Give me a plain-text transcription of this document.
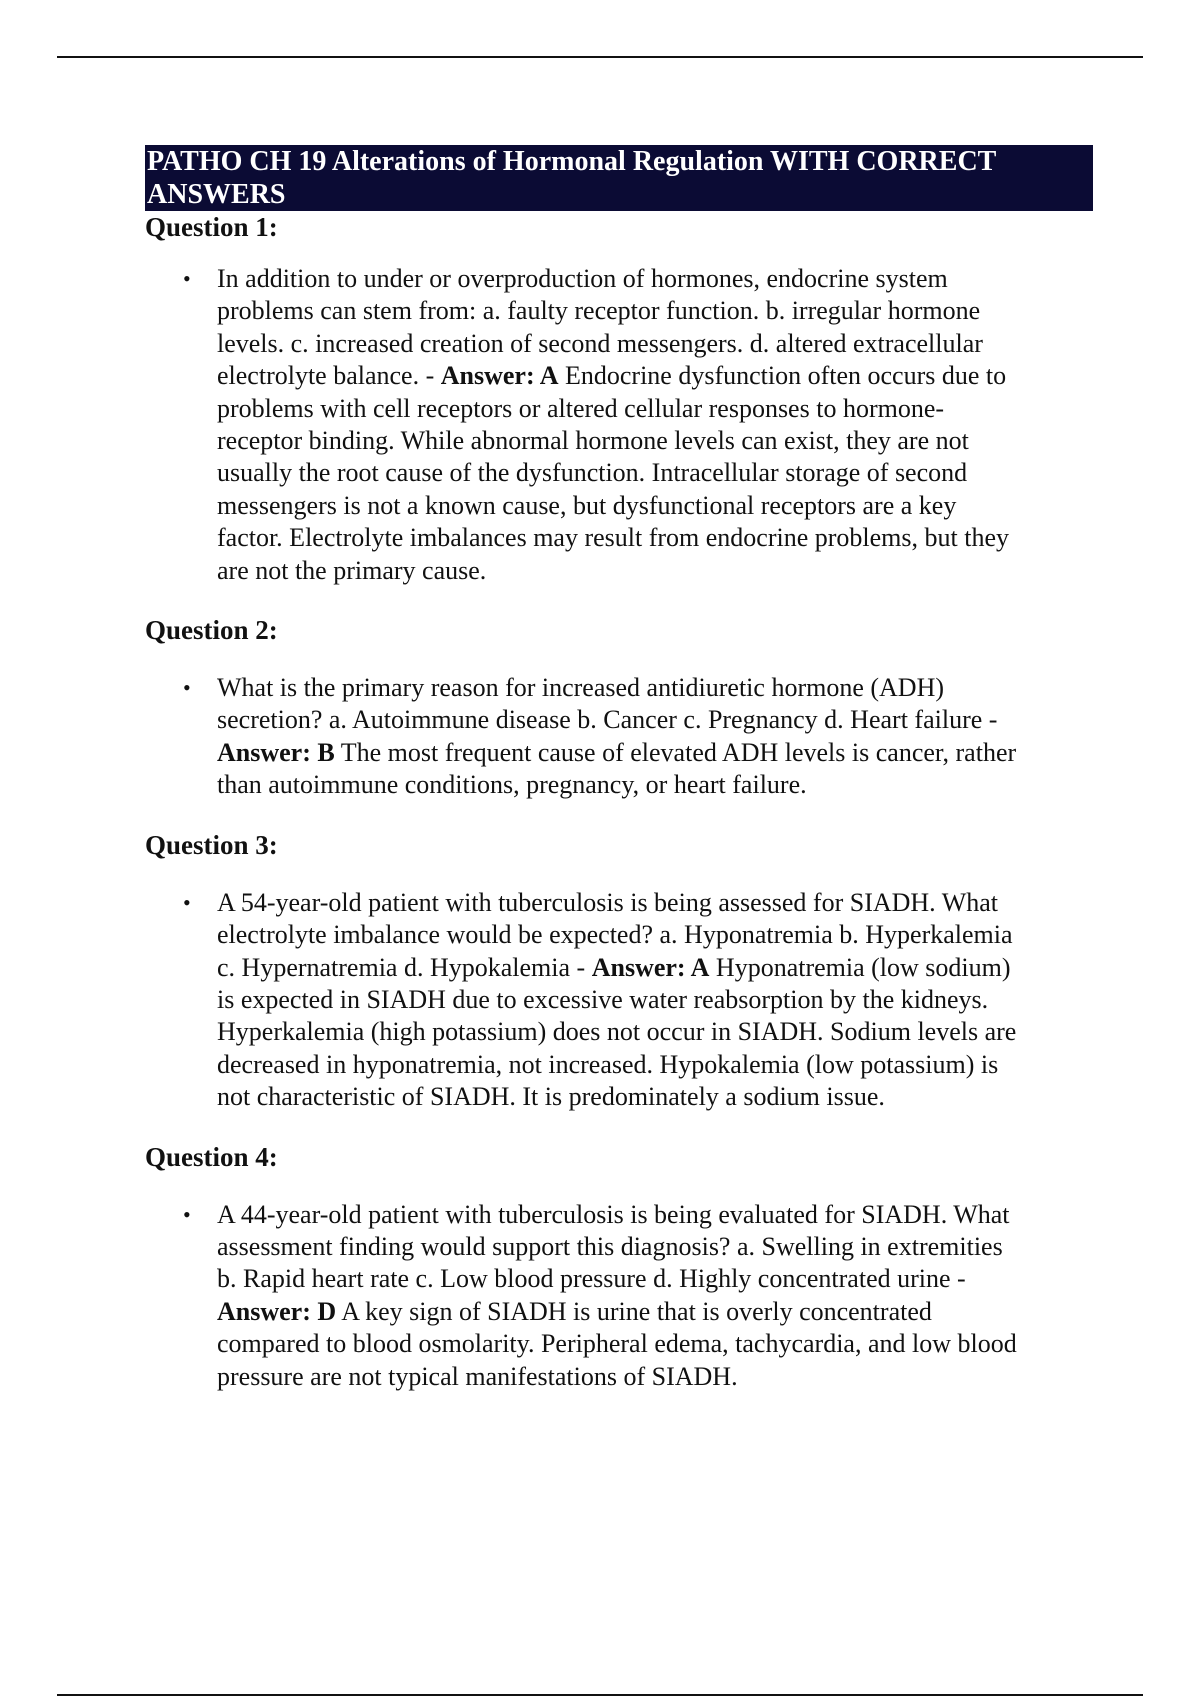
PATHO CH 19 Alterations of Hormonal Regulation WITH CORRECT ANSWERS
Question 1:
• In addition to under or overproduction of hormones, endocrine system problems can stem from: a. faulty receptor function. b. irregular hormone levels. c. increased creation of second messengers. d. altered extracellular electrolyte balance. - Answer: A Endocrine dysfunction often occurs due to problems with cell receptors or altered cellular responses to hormone-receptor binding. While abnormal hormone levels can exist, they are not usually the root cause of the dysfunction. Intracellular storage of second messengers is not a known cause, but dysfunctional receptors are a key factor. Electrolyte imbalances may result from endocrine problems, but they are not the primary cause.
Question 2:
• What is the primary reason for increased antidiuretic hormone (ADH) secretion? a. Autoimmune disease b. Cancer c. Pregnancy d. Heart failure - Answer: B The most frequent cause of elevated ADH levels is cancer, rather than autoimmune conditions, pregnancy, or heart failure.
Question 3:
• A 54-year-old patient with tuberculosis is being assessed for SIADH. What electrolyte imbalance would be expected? a. Hyponatremia b. Hyperkalemia c. Hypernatremia d. Hypokalemia - Answer: A Hyponatremia (low sodium) is expected in SIADH due to excessive water reabsorption by the kidneys. Hyperkalemia (high potassium) does not occur in SIADH. Sodium levels are decreased in hyponatremia, not increased. Hypokalemia (low potassium) is not characteristic of SIADH. It is predominately a sodium issue.
Question 4:
• A 44-year-old patient with tuberculosis is being evaluated for SIADH. What assessment finding would support this diagnosis? a. Swelling in extremities b. Rapid heart rate c. Low blood pressure d. Highly concentrated urine - Answer: D A key sign of SIADH is urine that is overly concentrated compared to blood osmolarity. Peripheral edema, tachycardia, and low blood pressure are not typical manifestations of SIADH.
